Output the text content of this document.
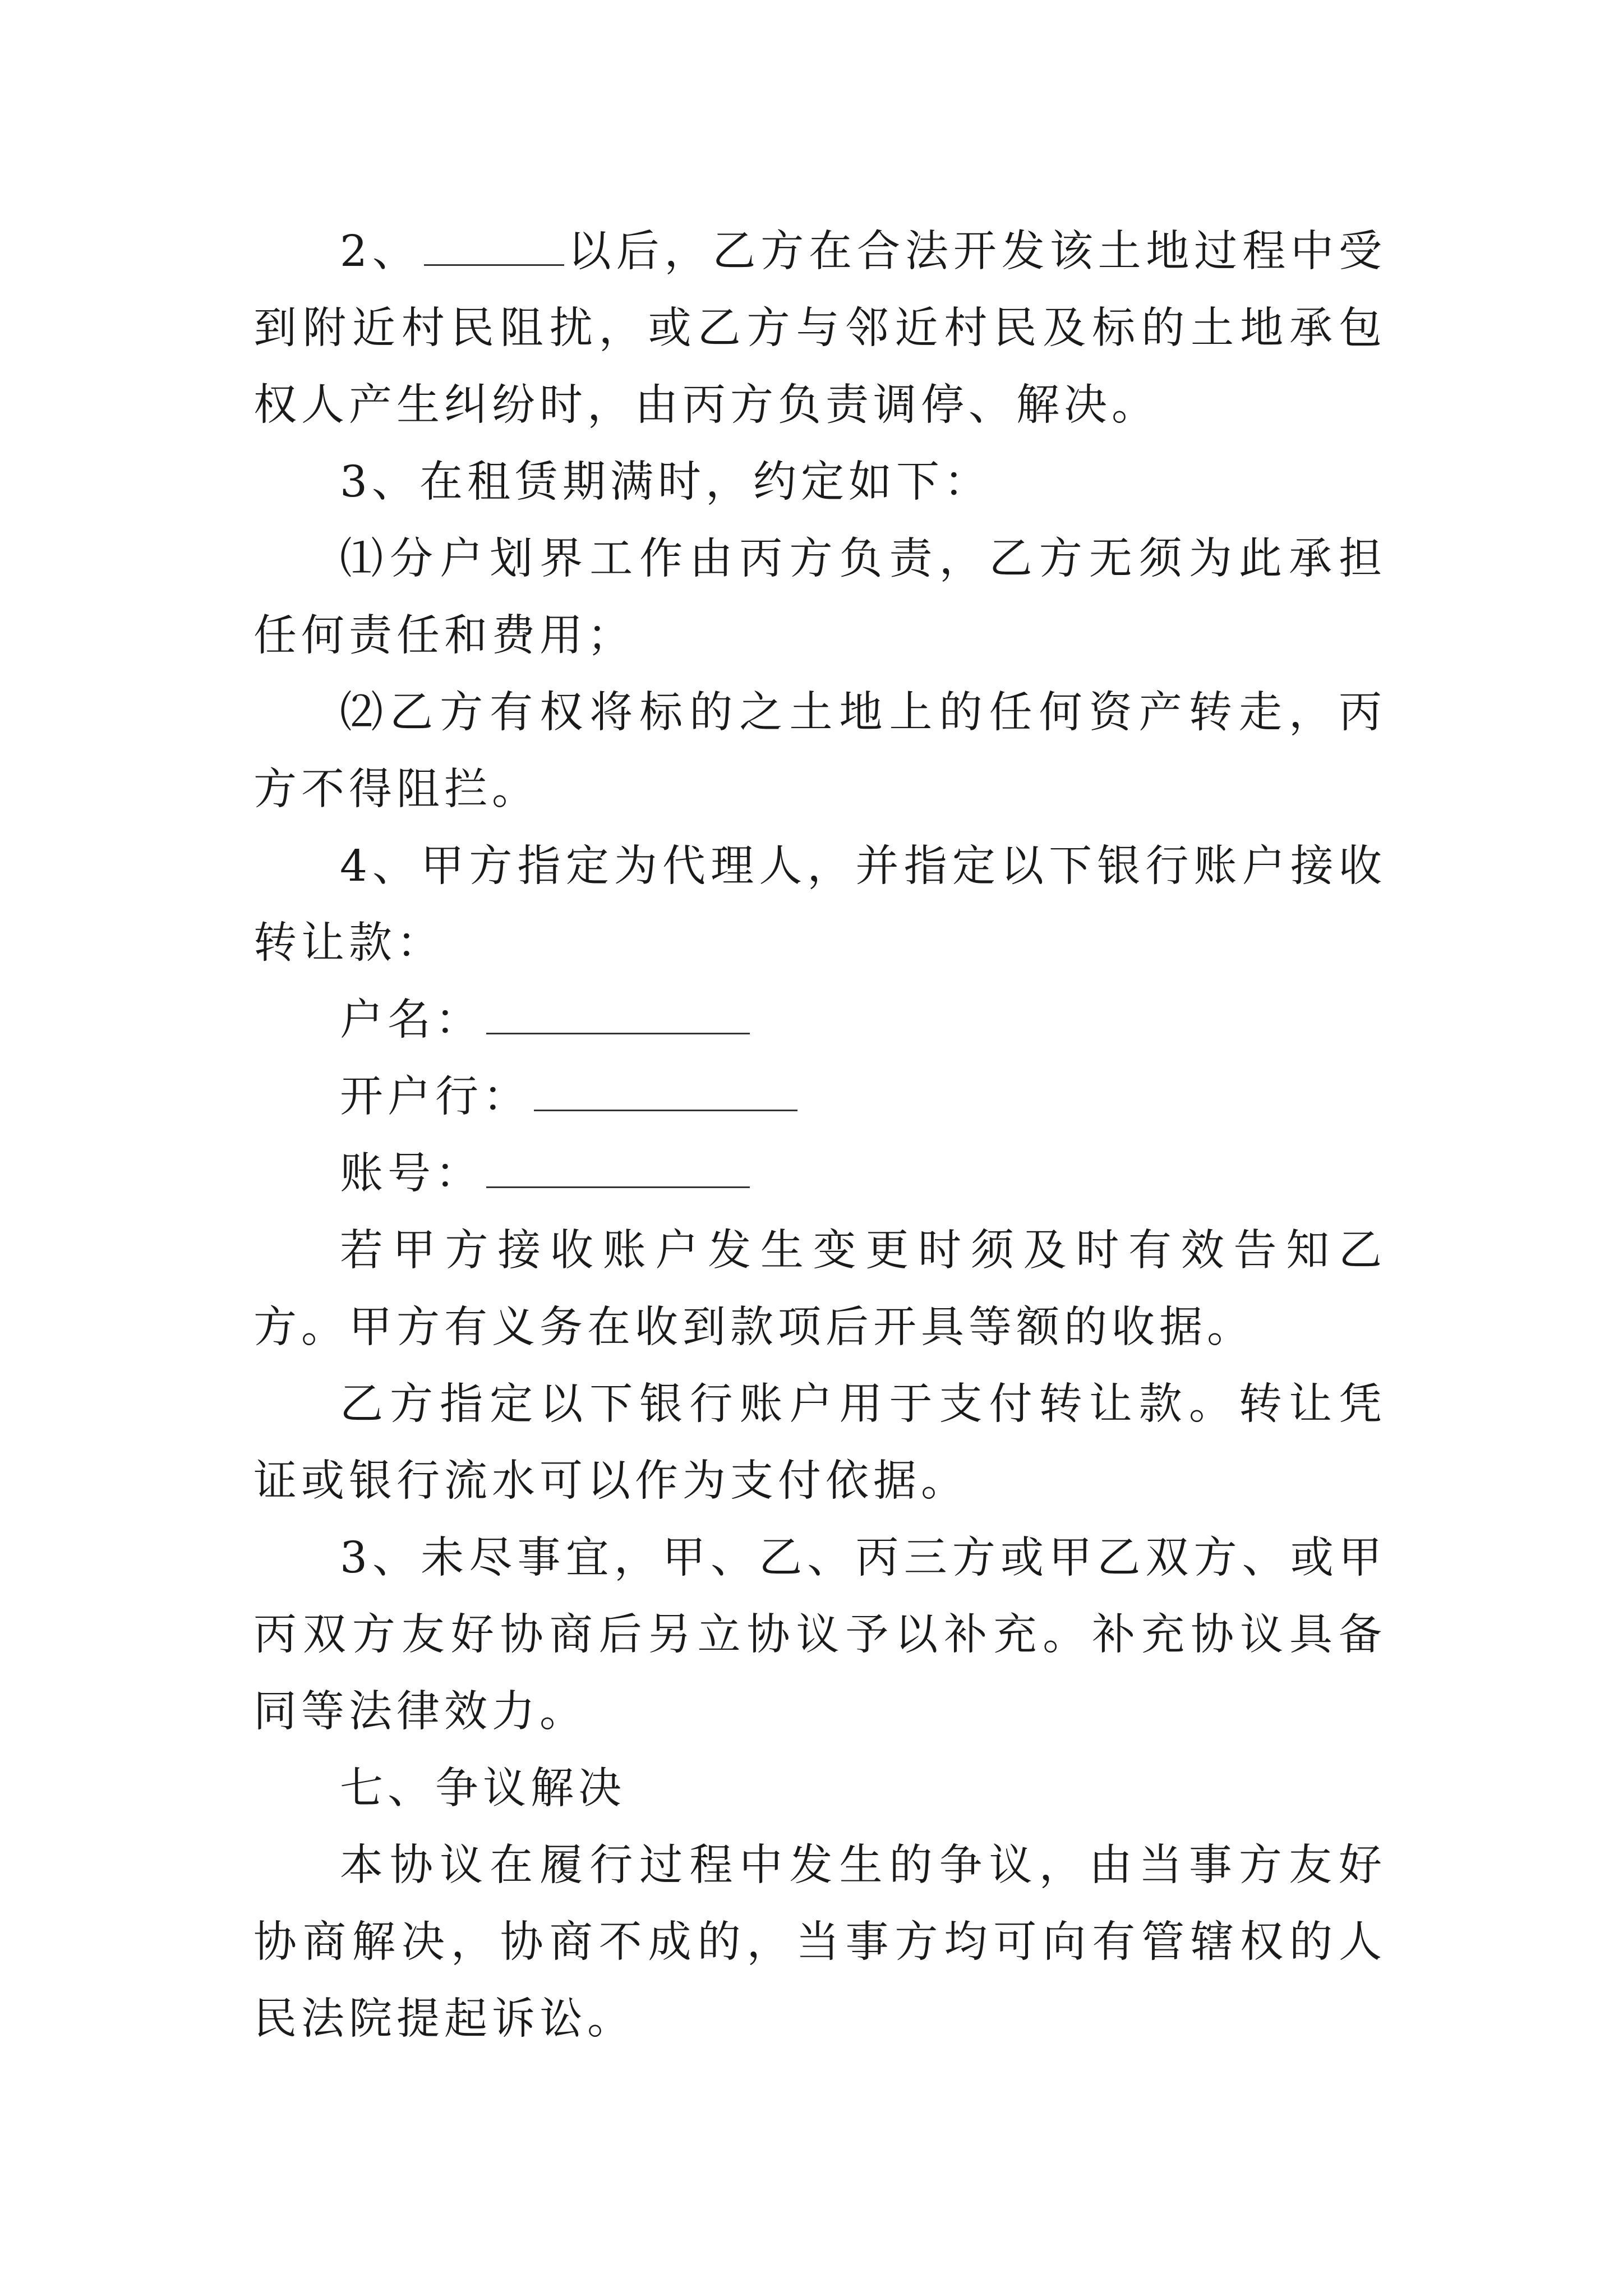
2、	以后，乙方在合法开发该土地过程中受到附近村民阻扰，或乙方与邻近村民及标的土地承包权人产生纠纷时，由丙方负责调停、解决。

3、在租赁期满时，约定如下：

⑴分户划界工作由丙方负责，乙方无须为此承担任何责任和费用；

⑵乙方有权将标的之土地上的任何资产转走，丙方不得阻拦。

4、甲方指定为代理人，并指定以下银行账户接收转让款：

户名：

开户行：

账号：

若甲方接收账户发生变更时须及时有效告知乙方。甲方有义务在收到款项后开具等额的收据。

乙方指定以下银行账户用于支付转让款。转让凭证或银行流水可以作为支付依据。

3、未尽事宜，甲、乙、丙三方或甲乙双方、或甲丙双方友好协商后另立协议予以补充。补充协议具备同等法律效力。

七、争议解决

本协议在履行过程中发生的争议，由当事方友好协商解决，协商不成的，当事方均可向有管辖权的人民法院提起诉讼。
